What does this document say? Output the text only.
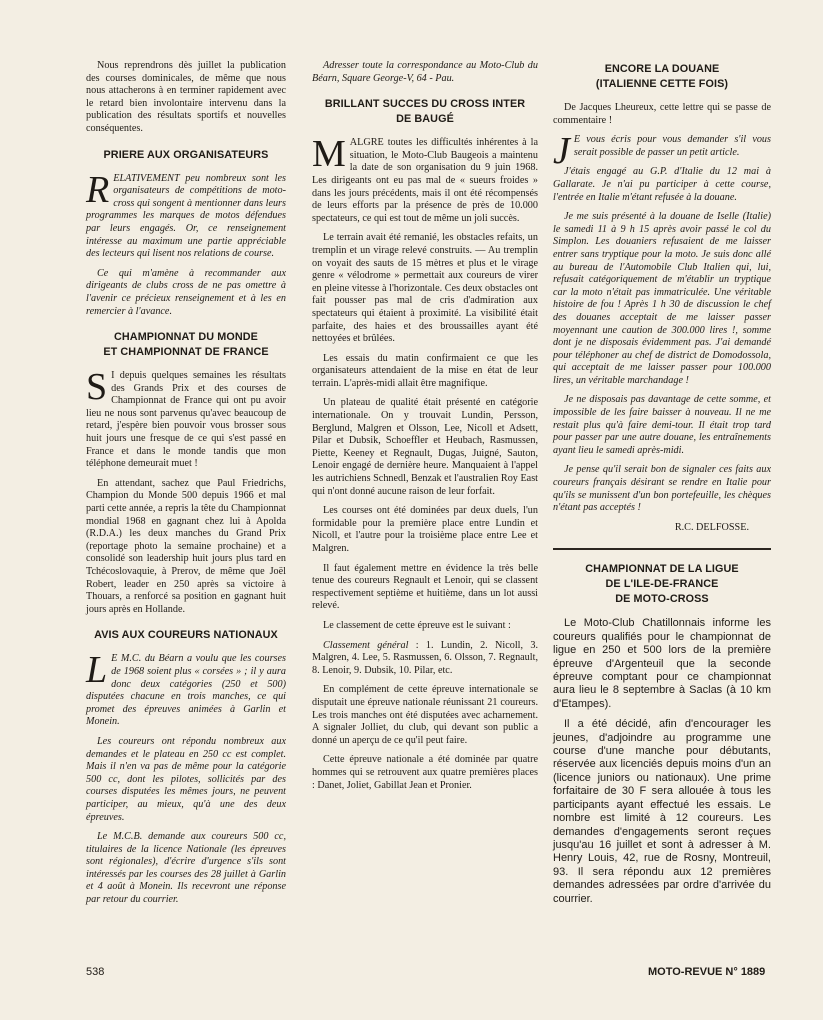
Nous reprendrons dès juillet la publication des courses dominicales, de même que nous nous attacherons à en terminer rapidement avec le retard bien involontaire intervenu dans la publication des résultats sportifs et nouvelles conséquentes.

PRIERE AUX ORGANISATEURS

RELATIVEMENT peu nombreux sont les organisateurs de compétitions de moto-cross qui songent à mentionner dans leurs programmes les marques de motos défendues par leurs engagés. Or, ce renseignement intéresse au maximum une partie appréciable des lecteurs qui lisent nos relations de course.

Ce qui m'amène à recommander aux dirigeants de clubs cross de ne pas omettre à l'avenir ce précieux renseignement et à les en remercier à l'avance.

CHAMPIONNAT DU MONDE
ET CHAMPIONNAT DE FRANCE

S I depuis quelques semaines les résultats des Grands Prix et des courses de Championnat de France qui ont pu avoir lieu ne nous sont parvenus qu'avec beaucoup de retard, j'espère bien pouvoir vous brosser sous huit jours une fresque de ce qui s'est passé en France et dans le monde tandis que mon téléphone demeurait muet !

En attendant, sachez que Paul Friedrichs, Champion du Monde 500 depuis 1966 et mal parti cette année, a repris la tête du Championnat mondial 1968 en gagnant chez lui à Apolda (R.D.A.) les deux manches du Grand Prix (reportage photo la semaine prochaine) et a consolidé son leadership huit jours plus tard en Tchécoslovaquie, à Prerov, de même que Joël Robert, leader en 250 après sa victoire à Thouars, a renforcé sa position en gagnant huit jours après en Hollande.

AVIS AUX COUREURS NATIONAUX

L E M.C. du Béarn a voulu que les courses de 1968 soient plus « corsées » ; il y aura donc deux catégories (250 et 500) disputées chacune en trois manches, ce qui promet des épreuves animées à Garlin et Monein.

Les coureurs ont répondu nombreux aux demandes et le plateau en 250 cc est complet. Mais il n'en va pas de même pour la catégorie 500 cc, dont les pilotes, sollicités par des courses disputées les mêmes jours, ne peuvent participer, au mieux, qu'à une des deux épreuves.

Le M.C.B. demande aux coureurs 500 cc, titulaires de la licence Nationale (les épreuves sont régionales), d'écrire d'urgence s'ils sont intéressés par les courses des 28 juillet à Garlin et 4 août à Monein. Ils recevront une réponse par retour du courrier.

Adresser toute la correspondance au Moto-Club du Béarn, Square George-V, 64 - Pau.

BRILLANT SUCCES DU CROSS INTER
DE BAUGÉ

MALGRE toutes les difficultés inhérentes à la situation, le Moto-Club Baugeois a maintenu la date de son organisation du 9 juin 1968. Les dirigeants ont eu pas mal de « sueurs froides » dans les jours précédents, mais il ont été récompensés de leurs efforts par la présence de près de 10.000 spectateurs, ce qui est tout de même un joli succès.

Le terrain avait été remanié, les obstacles refaits, un tremplin et un virage relevé construits. — Au tremplin on voyait des sauts de 15 mètres et plus et le virage genre « vélodrome » permettait aux coureurs de virer en pleine vitesse à l'horizontale. Ces deux obstacles ont fait pousser pas mal de cris d'admiration aux spectateurs qui étaient à proximité. La visibilité était parfaite, des haies et des broussailles ayant été nettoyées et brûlées.

Les essais du matin confirmaient ce que les organisateurs attendaient de la mise en état de leur terrain. L'après-midi allait être magnifique.

Un plateau de qualité était présenté en catégorie internationale. On y trouvait Lundin, Persson, Berglund, Malgren et Olsson, Lee, Nicoll et Adsett, Pilar et Dubsik, Schoeffler et Heubach, Rasmussen, Piette, Keeney et Regnault, Dugas, Juigné, Sauton, Lenoir engagé de dernière heure. Manquaient à l'appel les autrichiens Schnedl, Benzak et l'australien Roy East qui n'ont donné aucune raison de leur forfait.

Les courses ont été dominées par deux duels, l'un formidable pour la première place entre Lundin et Nicoll, et l'autre pour la troisième place entre Lee et Malgren.

Il faut également mettre en évidence la très belle tenue des coureurs Regnault et Lenoir, qui se classent respectivement septième et huitième, dans un lot aussi relevé.

Le classement de cette épreuve est le suivant :

Classement général : 1. Lundin, 2. Nicoll, 3. Malgren, 4. Lee, 5. Rasmussen, 6. Olsson, 7. Regnault, 8. Lenoir, 9. Dubsik, 10. Pilar, etc.

En complément de cette épreuve internationale se disputait une épreuve nationale réunissant 21 coureurs. Les trois manches ont été disputées avec acharnement. A signaler Jolliet, du club, qui devant son public a donné un aperçu de ce qu'il peut faire.

Cette épreuve nationale a été dominée par quatre hommes qui se retrouvent aux quatre premières places : Danet, Joliet, Gabillat Jean et Pronier.

ENCORE LA DOUANE
(ITALIENNE CETTE FOIS)

De Jacques Lheureux, cette lettre qui se passe de commentaire !

J E vous écris pour vous demander s'il vous serait possible de passer un petit article.

J'étais engagé au G.P. d'Italie du 12 mai à Gallarate. Je n'ai pu participer à cette course, l'entrée en Italie m'étant refusée à la douane.

Je me suis présenté à la douane de Iselle (Italie) le samedi 11 à 9 h 15 après avoir passé le col du Simplon. Les douaniers refusaient de me laisser entrer sans tryptique pour la moto. Je suis donc allé au bureau de l'Automobile Club Italien qui, lui, refusait catégoriquement de m'établir un tryptique car la moto n'était pas immatriculée. Une véritable histoire de fou ! Après 1 h 30 de discussion le chef des douanes acceptait de me laisser passer moyennant une caution de 300.000 lires !, somme dont je ne disposais évidemment pas. J'ai demandé pour téléphoner au chef de district de Domodossola, qui acceptait de me laisser passer pour 100.000 lires, un véritable marchandage !

Je ne disposais pas davantage de cette somme, et impossible de les faire baisser à nouveau. Il ne me restait plus qu'à faire demi-tour. Il était trop tard pour passer par une autre douane, les entraînements ayant lieu le samedi après-midi.

Je pense qu'il serait bon de signaler ces faits aux coureurs français désirant se rendre en Italie pour qu'ils se munissent d'un bon portefeuille, les chèques n'étant pas acceptés !

R.C. DELFOSSE.

CHAMPIONNAT DE LA LIGUE
DE L'ILE-DE-FRANCE
DE MOTO-CROSS

Le Moto-Club Chatillonnais informe les coureurs qualifiés pour le championnat de ligue en 250 et 500 lors de la première épreuve d'Argenteuil que la seconde épreuve comptant pour ce championnat aura lieu le 8 septembre à Saclas (à 10 km d'Etampes).

Il a été décidé, afin d'encourager les jeunes, d'adjoindre au programme une course d'une manche pour débutants, réservée aux licenciés depuis moins d'un an (licence juniors ou nationaux). Une prime forfaitaire de 30 F sera allouée à tous les participants ayant effectué les essais. Le nombre est limité à 12 coureurs. Les demandes d'engagements seront reçues jusqu'au 16 juillet et sont à adresser à M. Henry Louis, 42, rue de Rosny, Montreuil, 93. Il sera répondu aux 12 premières demandes adressées par ordre d'arrivée du courrier.

538	MOTO-REVUE N° 1889
